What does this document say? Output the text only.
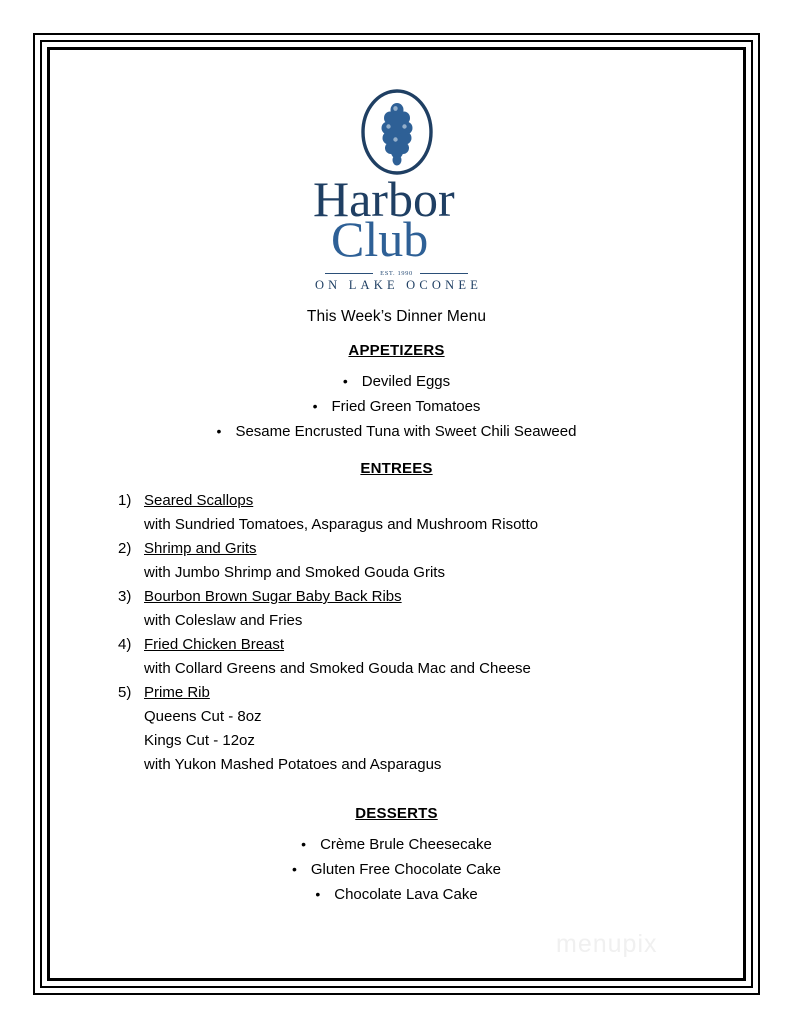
Harbor
Club
EST. 1990
ON LAKE OCONEE
This Week’s Dinner Menu
APPETIZERS
• Deviled Eggs
• Fried Green Tomatoes
• Sesame Encrusted Tuna with Sweet Chili Seaweed
ENTREES
1) Seared Scallops
with Sundried Tomatoes, Asparagus and Mushroom Risotto
2) Shrimp and Grits
with Jumbo Shrimp and Smoked Gouda Grits
3) Bourbon Brown Sugar Baby Back Ribs
with Coleslaw and Fries
4) Fried Chicken Breast
with Collard Greens and Smoked Gouda Mac and Cheese
5) Prime Rib
Queens Cut - 8oz
Kings Cut - 12oz
with Yukon Mashed Potatoes and Asparagus
DESSERTS
• Crème Brule Cheesecake
• Gluten Free Chocolate Cake
• Chocolate Lava Cake
menupix
